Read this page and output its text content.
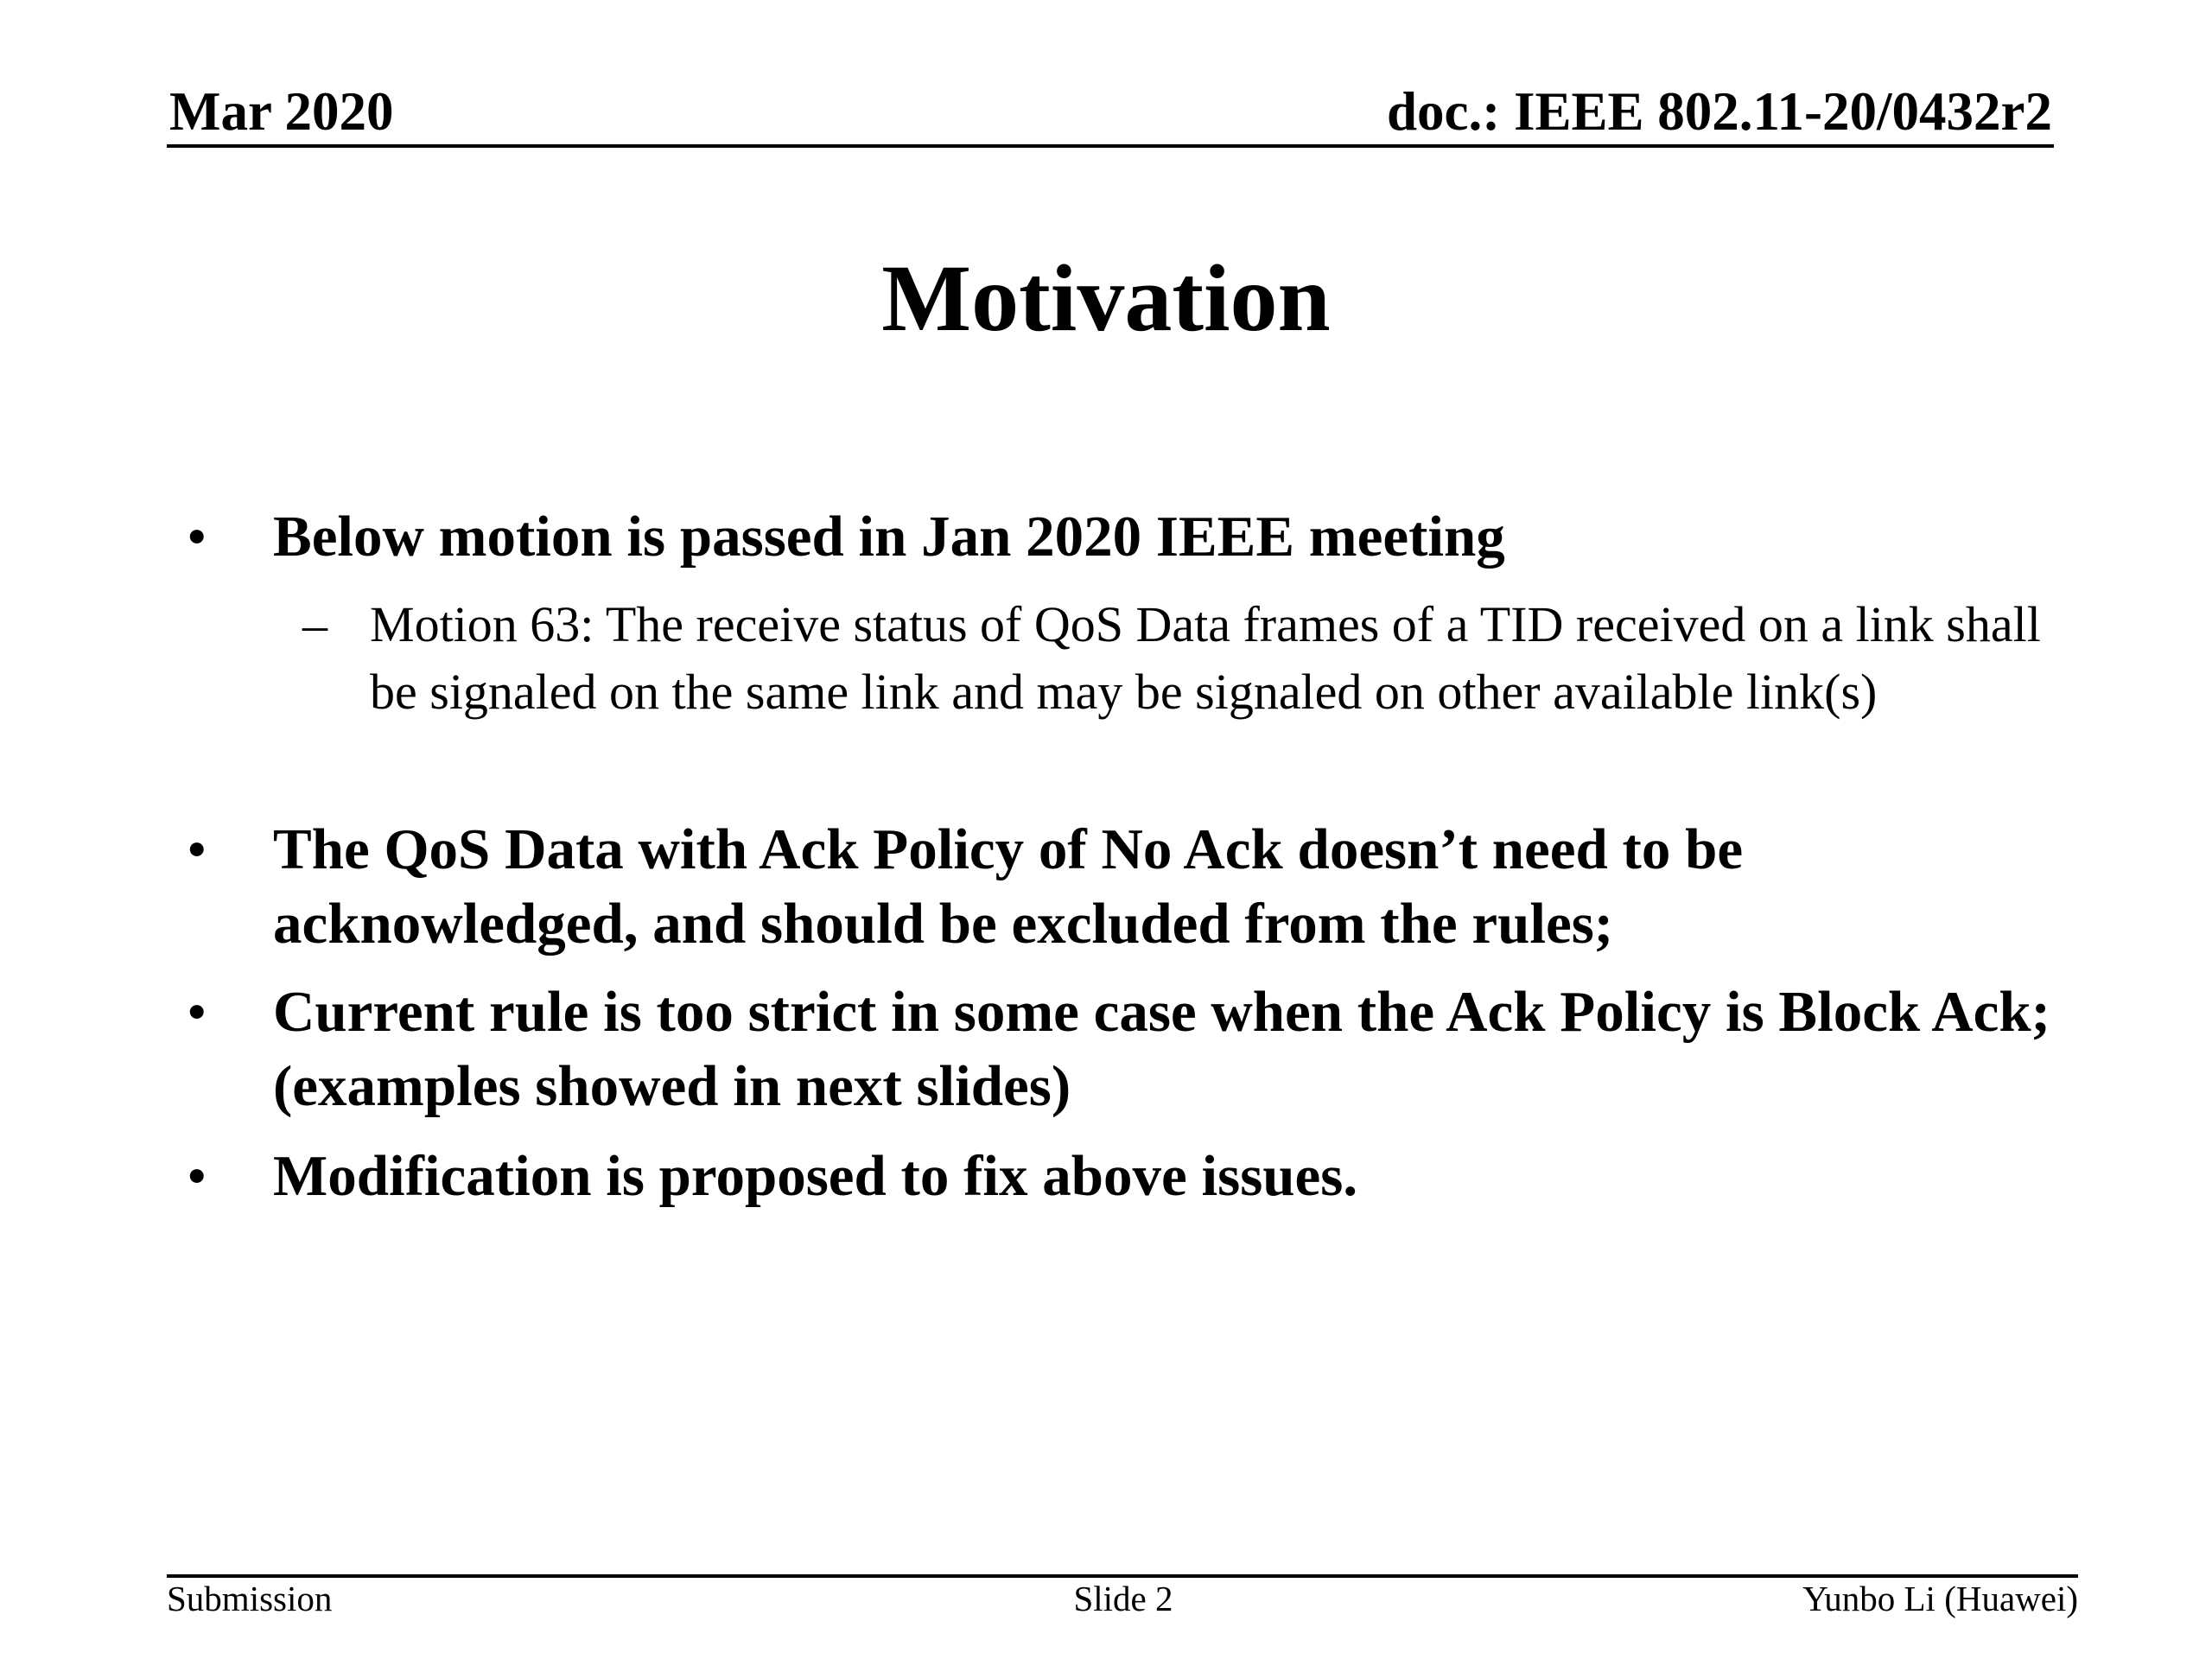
Mar 2020	doc.: IEEE 802.11-20/0432r2
Motivation
• Below motion is passed in Jan 2020 IEEE meeting
– Motion 63: The receive status of QoS Data frames of a TID received on a link shall be signaled on the same link and may be signaled on other available link(s)
• The QoS Data with Ack Policy of No Ack doesn’t need to be acknowledged, and should be excluded from the rules;
• Current rule is too strict in some case when the Ack Policy is Block Ack; (examples showed in next slides)
• Modification is proposed to fix above issues.
Submission	Slide 2	Yunbo Li (Huawei)
